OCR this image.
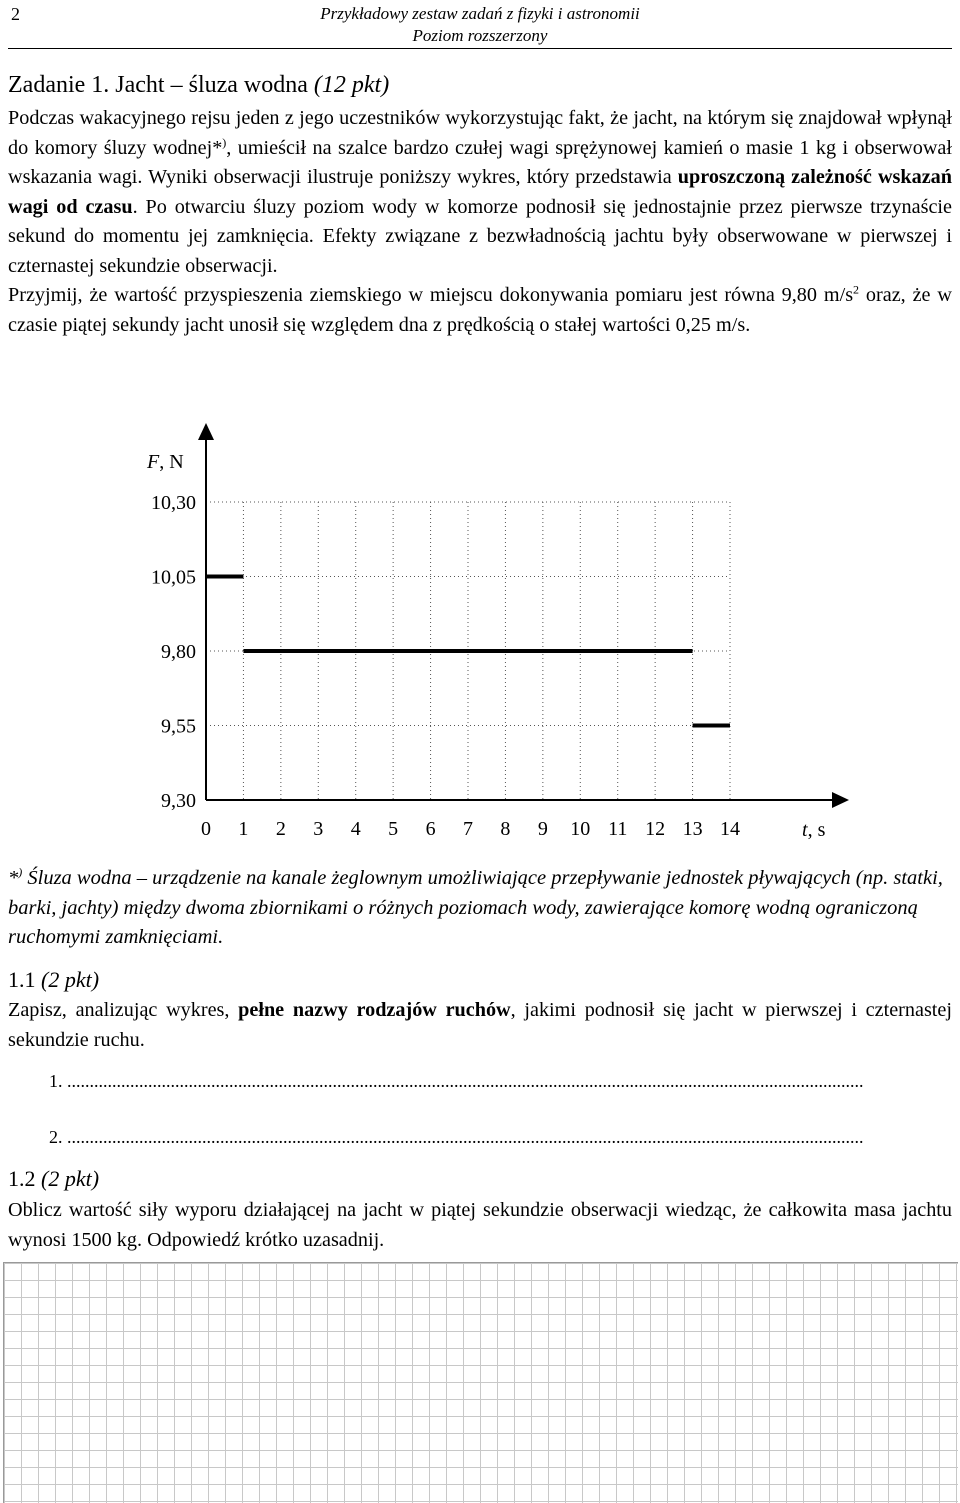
2	Przykładowy zestaw zadań z fizyki i astronomii
Poziom rozszerzony
Zadanie 1. Jacht – śluza wodna (12 pkt)

Podczas wakacyjnego rejsu jeden z jego uczestników wykorzystując fakt, że jacht, na którym się znajdował wpłynął do komory śluzy wodnej*), umieścił na szalce bardzo czułej wagi sprężynowej kamień o masie 1 kg i obserwował wskazania wagi. Wyniki obserwacji ilustruje poniższy wykres, który przedstawia uproszczoną zależność wskazań wagi od czasu. Po otwarciu śluzy poziom wody w komorze podnosił się jednostajnie przez pierwsze trzynaście sekund do momentu jej zamknięcia. Efekty związane z bezwładnością jachtu były obserwowane w pierwszej i czternastej sekundzie obserwacji.

Przyjmij, że wartość przyspieszenia ziemskiego w miejscu dokonywania pomiaru jest równa 9,80 $m/s^2$ oraz, że w czasie piątej sekundy jacht unosił się względem dna z prędkością o stałej wartości 0,25 m/s.

10,30
10,05
9,80
9,55
9,30
0 1 2 3 4 5 6 7 8 9 10 11 12 13 14
F, N
t, s
*) Śluza wodna – urządzenie na kanale żeglownym umożliwiające przepływanie jednostek pływających (np. statki, barki, jachty) między dwoma zbiornikami o różnych poziomach wody, zawierające komorę wodną ograniczoną ruchomymi zamknięciami.
1.1 (2 pkt)
Zapisz, analizując wykres, pełne nazwy rodzajów ruchów, jakimi podnosił się jacht w pierwszej i czternastej sekundzie ruchu.
1. .................................................................................................................................................................................
2. .................................................................................................................................................................................
1.2 (2 pkt)
Oblicz wartość siły wyporu działającej na jacht w piątej sekundzie obserwacji wiedząc, że całkowita masa jachtu wynosi 1500 kg. Odpowiedź krótko uzasadnij.
